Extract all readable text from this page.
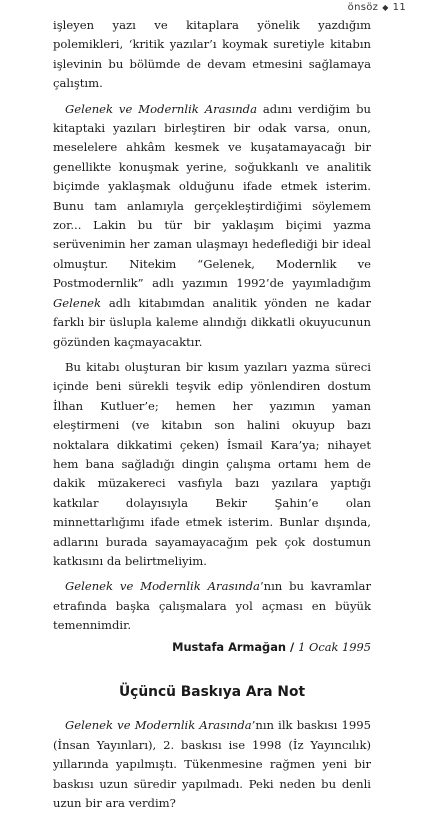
önsöz ◆ 11

işleyen yazı ve kitaplara yönelik yazdığım polemikleri, ‘kritik yazılar’ı koymak suretiyle kitabın işlevinin bu bölümde de devam etmesini sağlamaya çalıştım.

Gelenek ve Modernlik Arasında adını verdiğim bu kitaptaki yazıları birleştiren bir odak varsa, onun, meselelere ahkâm kesmek ve kuşatamayacağı bir genellikte konuşmak yerine, soğukkanlı ve analitik biçimde yaklaşmak olduğunu ifade etmek isterim. Bunu tam anlamıyla gerçekleştirdiğimi söylemem zor... Lakin bu tür bir yaklaşım biçimi yazma serüvenimin her zaman ulaşmayı hedeflediği bir ideal olmuştur. Nitekim “Gelenek, Modernlik ve Postmodernlik” adlı yazımın 1992’de yayımladığım Gelenek adlı kitabımdan analitik yönden ne kadar farklı bir üslupla kaleme alındığı dikkatli okuyucunun gözünden kaçmayacaktır.

Bu kitabı oluşturan bir kısım yazıları yazma süreci içinde beni sürekli teşvik edip yönlendiren dostum İlhan Kutluer’e; hemen her yazımın yaman eleştirmeni (ve kitabın son halini okuyup bazı noktalara dikkatimi çeken) İsmail Kara’ya; nihayet hem bana sağladığı dingin çalışma ortamı hem de dakik müzakereci vasfıyla bazı yazılara yaptığı katkılar dolayısıyla Bekir Şahin’e olan minnettarlığımı ifade etmek isterim. Bunlar dışında, adlarını burada sayamayacağım pek çok dostumun katkısını da belirtmeliyim.

Gelenek ve Modernlik Arasında’nın bu kavramlar etrafında başka çalışmalara yol açması en büyük temennimdir.

Mustafa Armağan / 1 Ocak 1995
Üçüncü Baskıya Ara Not

Gelenek ve Modernlik Arasında’nın ilk baskısı 1995 (İnsan Yayınları), 2. baskısı ise 1998 (İz Yayıncılık) yıllarında yapılmıştı. Tükenmesine rağmen yeni bir baskısı uzun süredir yapılmadı. Peki neden bu denli uzun bir ara verdim?
